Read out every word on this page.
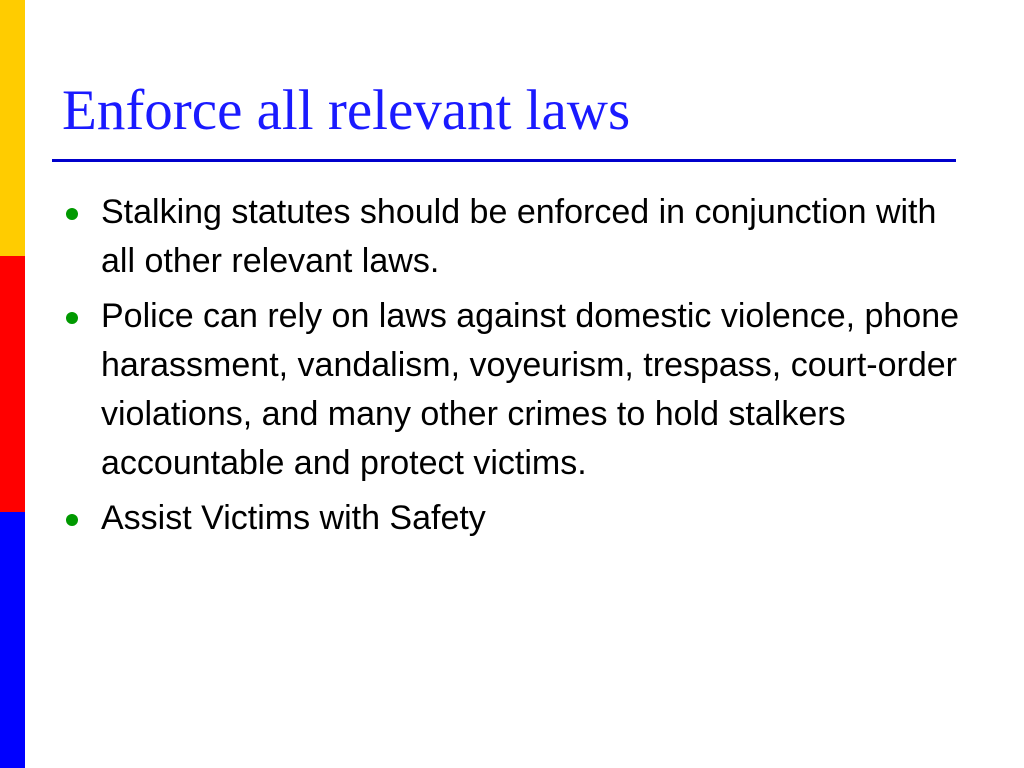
Enforce all relevant laws
Stalking statutes should be enforced in conjunction with all other relevant laws.
Police can rely on laws against domestic violence, phone harassment, vandalism, voyeurism, trespass, court-order violations, and many other crimes to hold stalkers accountable and protect victims.
Assist Victims with Safety
